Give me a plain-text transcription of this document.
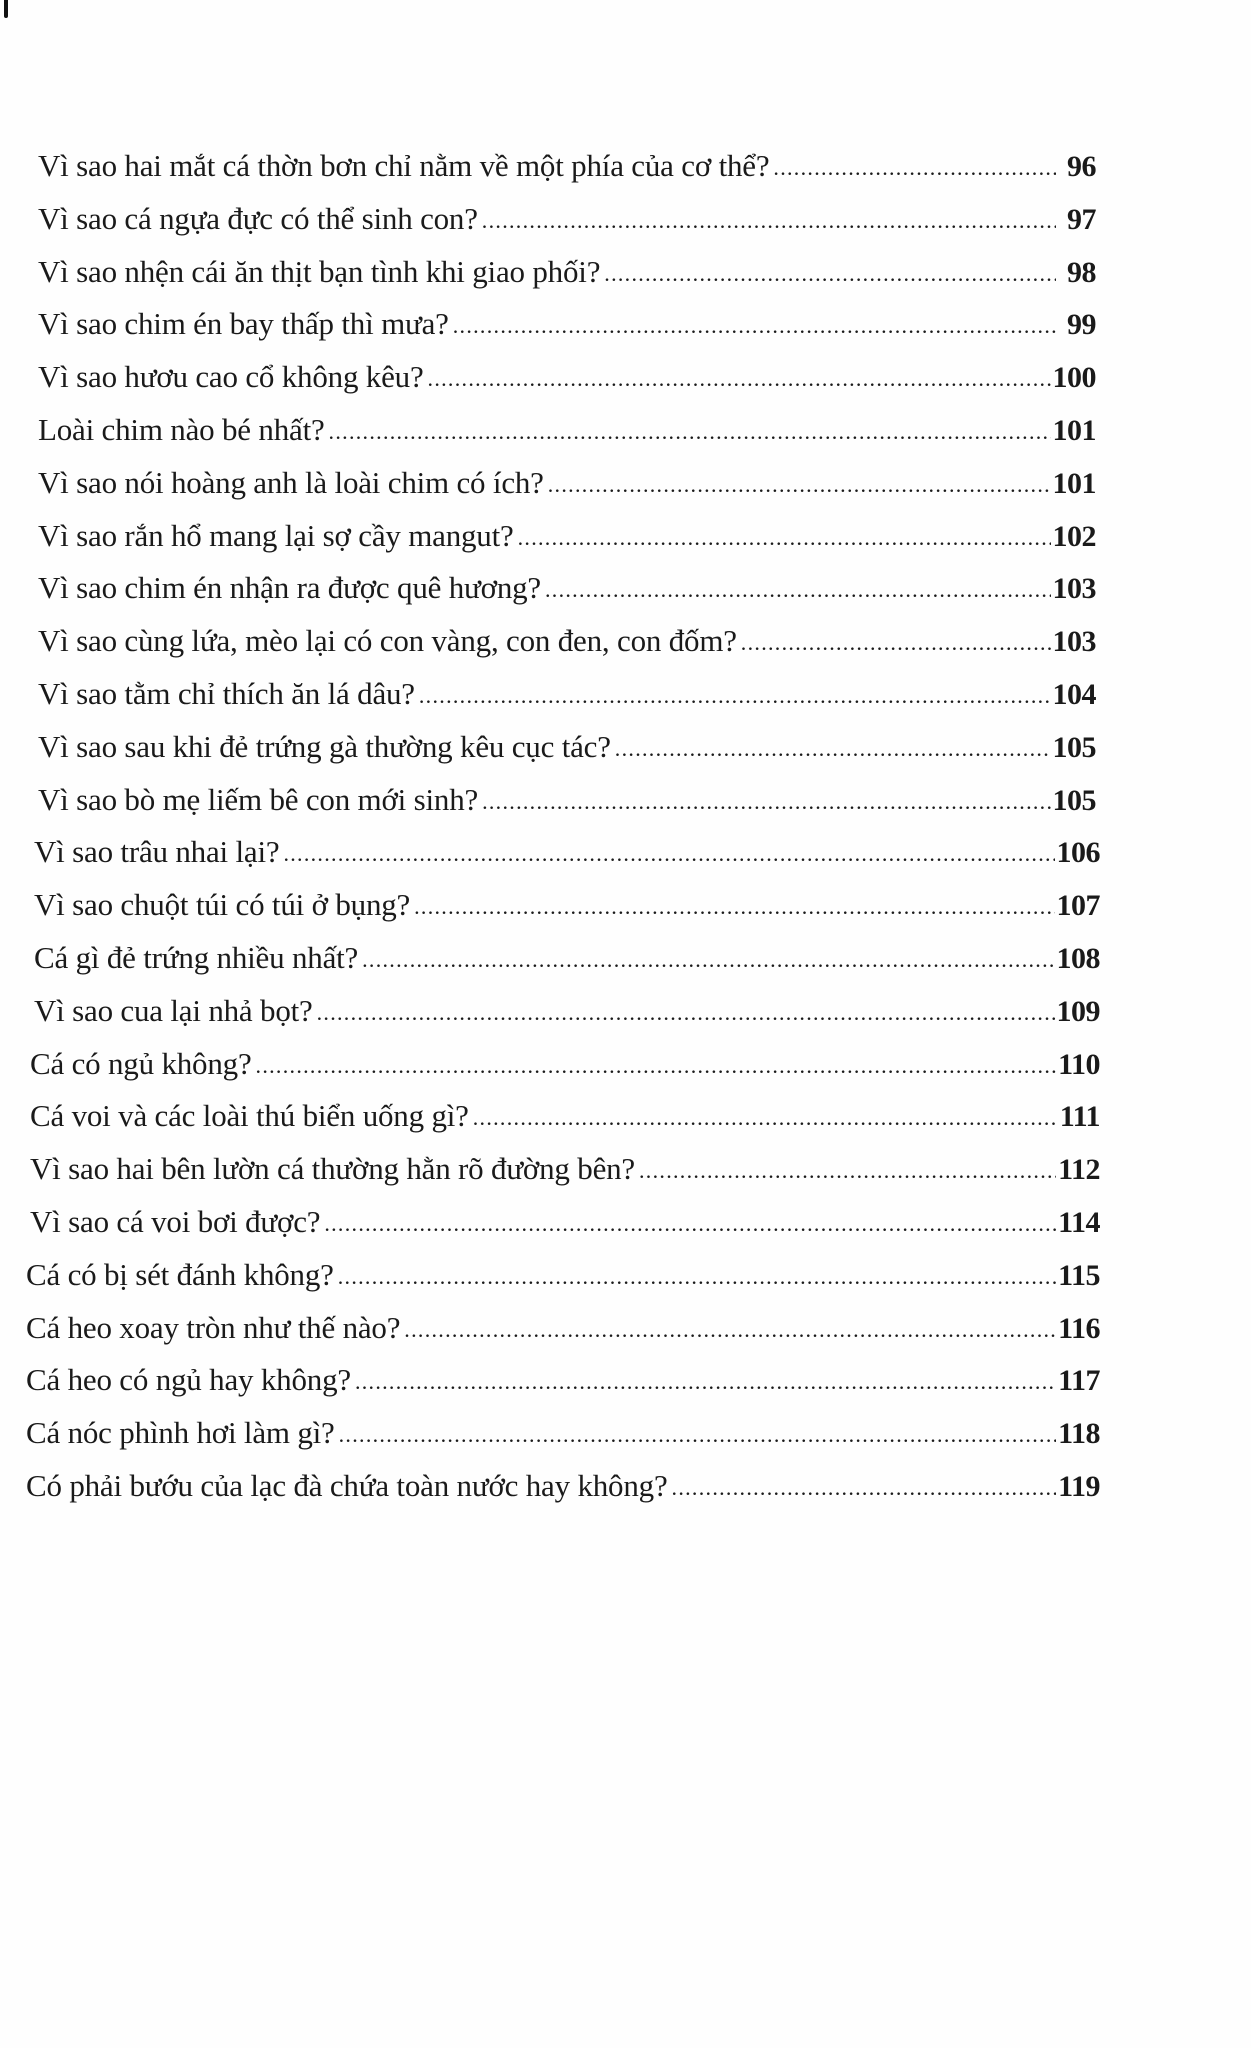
Vì sao hai mắt cá thờn bơn chỉ nằm về một phía của cơ thể? .....	96
Vì sao cá ngựa đực có thể sinh con? .....	97
Vì sao nhện cái ăn thịt bạn tình khi giao phối? .....	98
Vì sao chim én bay thấp thì mưa? .....	99
Vì sao hươu cao cổ không kêu? .....	100
Loài chim nào bé nhất? .....	101
Vì sao nói hoàng anh là loài chim có ích? .....	101
Vì sao rắn hổ mang lại sợ cầy mangut? .....	102
Vì sao chim én nhận ra được quê hương? .....	103
Vì sao cùng lứa, mèo lại có con vàng, con đen, con đốm? .....	103
Vì sao tằm chỉ thích ăn lá dâu? .....	104
Vì sao sau khi đẻ trứng gà thường kêu cục tác? .....	105
Vì sao bò mẹ liếm bê con mới sinh? .....	105
Vì sao trâu nhai lại? .....	106
Vì sao chuột túi có túi ở bụng? .....	107
Cá gì đẻ trứng nhiều nhất? .....	108
Vì sao cua lại nhả bọt? .....	109
Cá có ngủ không? .....	110
Cá voi và các loài thú biển uống gì? .....	111
Vì sao hai bên lườn cá thường hằn rõ đường bên? .....	112
Vì sao cá voi bơi được? .....	114
Cá có bị sét đánh không? .....	115
Cá heo xoay tròn như thế nào? .....	116
Cá heo có ngủ hay không? .....	117
Cá nóc phình hơi làm gì? .....	118
Có phải bướu của lạc đà chứa toàn nước hay không? .....	119
